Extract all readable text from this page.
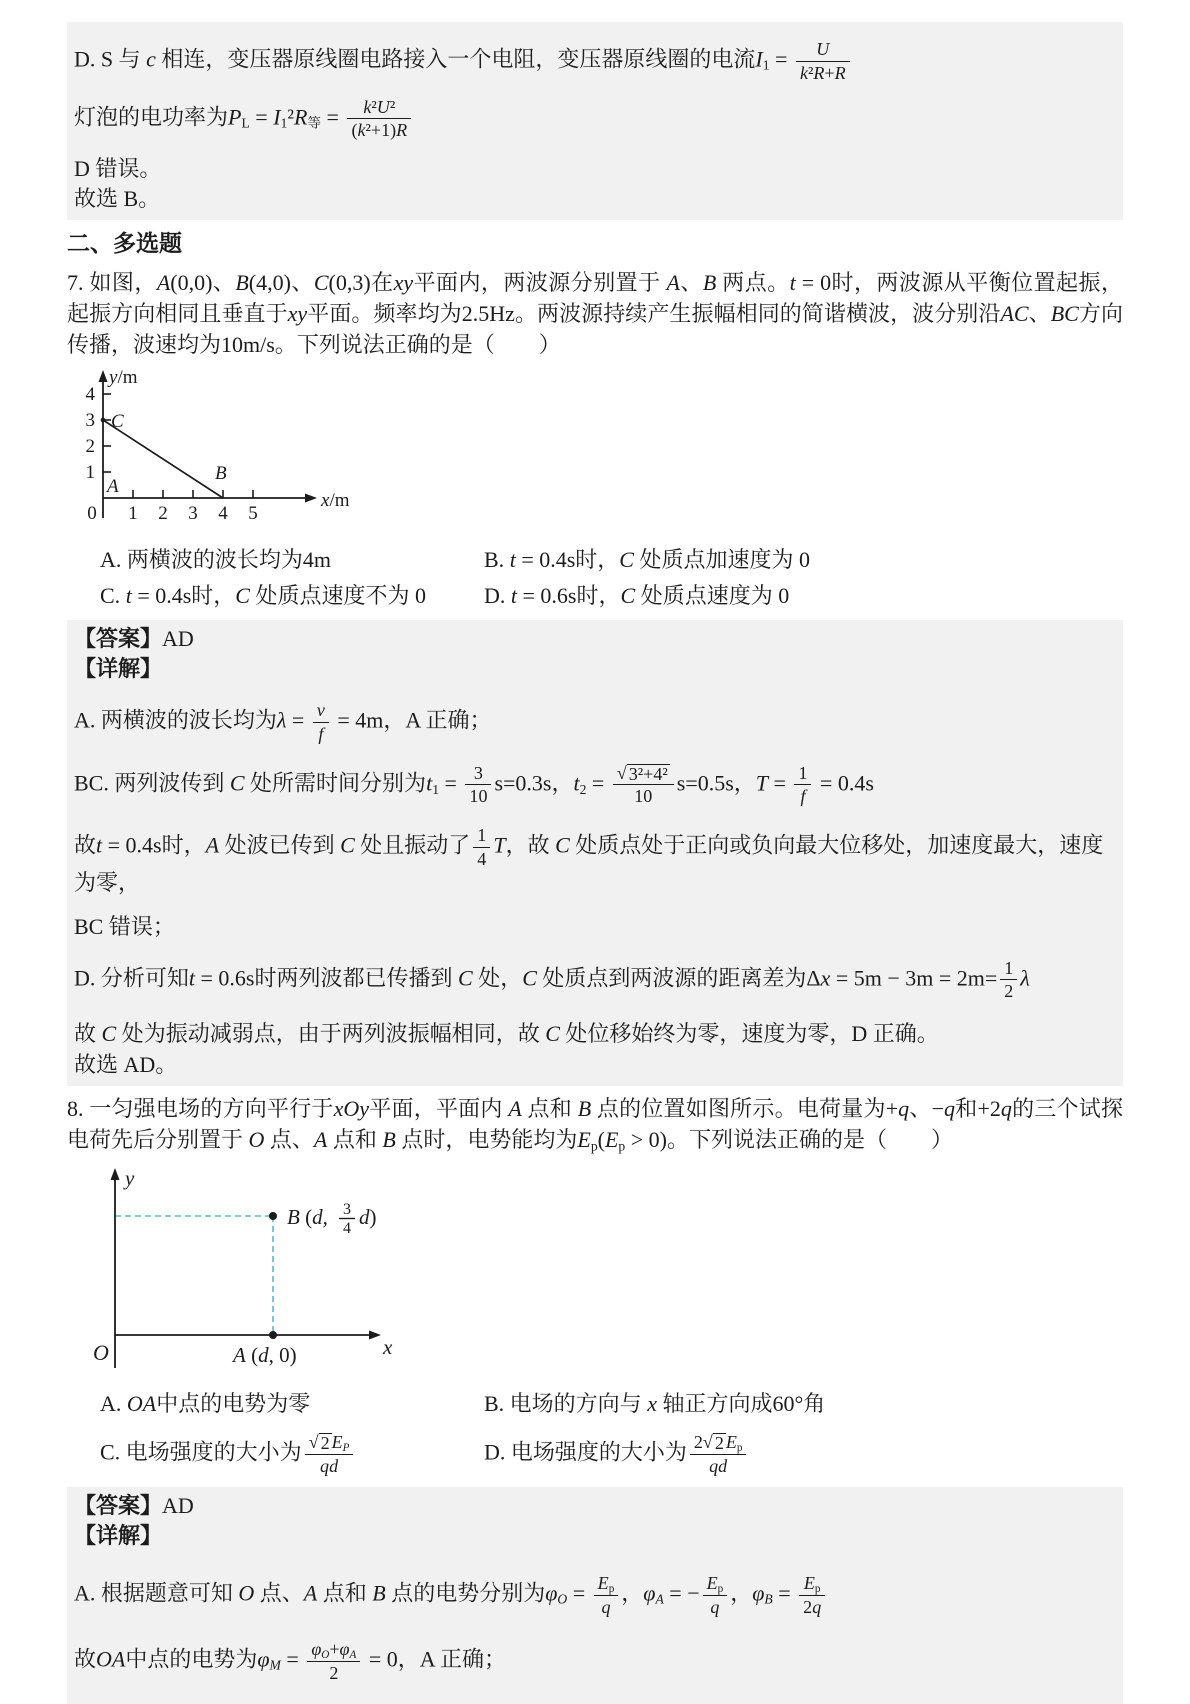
D. S 与 c 相连，变压器原线圈电路接入一个电阻，变压器原线圈的电流$I_1 = \frac{U}{\text{k²R+R}}$
灯泡的电功率为$P_L = I_1^2R_等 = \frac{\text{k²U²}}{\text{(k²+1)R}}$
D 错误。
故选 B。
二、多选题

7. 如图，A(0,0)、B(4,0)、C(0,3)在xy平面内，两波源分别置于 A、B 两点。t = 0时，两波源从平衡位置起振，起振方向相同且垂直于xy平面。频率均为2.5Hz。两波源持续产生振幅相同的简谐横波，波分别沿AC、BC方向传播，波速均为10m/s。下列说法正确的是（　　）

y/m
x/m
1
2
3
4
0 1 2 3 4 5
A
B
C
A. 两横波的波长均为4m	B. t = 0.4s时，C 处质点加速度为 0
C. t = 0.4s时，C 处质点速度不为 0	D. t = 0.6s时，C 处质点速度为 0
【答案】AD
【详解】
A. 两横波的波长均为$\lambda = \frac{v}{f} = 4m$，A 正确；
BC. 两列波传到 C 处所需时间分别为$t_1 = \frac{3}{10} s=0.3s$，$t_2 = \frac{\text{√ 3²+4²}}{10} s=0.5s$，$T = \frac{1}{f} = 0.4s$
故t = 0.4s时，A 处波已传到 C 处且振动了 $\frac{1}{4}$ T，故 C 处质点处于正向或负向最大位移处，加速度最大，速度为零，
BC 错误；
D. 分析可知t = 0.6s时两列波都已传播到 C 处，C 处质点到两波源的距离差为$\Delta x = 5m - 3m = 2m= \frac{1}{2}$ λ
故 C 处为振动减弱点，由于两列波振幅相同，故 C 处位移始终为零，速度为零，D 正确。
故选 AD。

8. 一匀强电场的方向平行于xOy平面，平面内 A 点和 B 点的位置如图所示。电荷量为+q、−q和+2q的三个试探电荷先后分别置于 O 点、A 点和 B 点时，电势能均为$E_p(E_p > 0)$。下列说法正确的是（　　）

y
x
O	A (d, 0)
B (d, 3
4 d)
A. OA中点的电势为零	B. 电场的方向与 x 轴正方向成60°角
C. 电场强度的大小为 $\frac{√ 2 E_P}{qd}$	D. 电场强度的大小为 $\frac{2 √ 2 E_p}{qd}$
【答案】AD
【详解】
A. 根据题意可知 O 点、A 点和 B 点的电势分别为$\varphi_O = \frac{E_p}{q}$ ，$\varphi_A$ = − $\frac{E_p}{q}$ ，$\varphi_B = \frac{E_p}{2q}$
故OA中点的电势为$\varphi_M = \frac{\varphi_O+\varphi_A}{2} = 0$，A 正确；
